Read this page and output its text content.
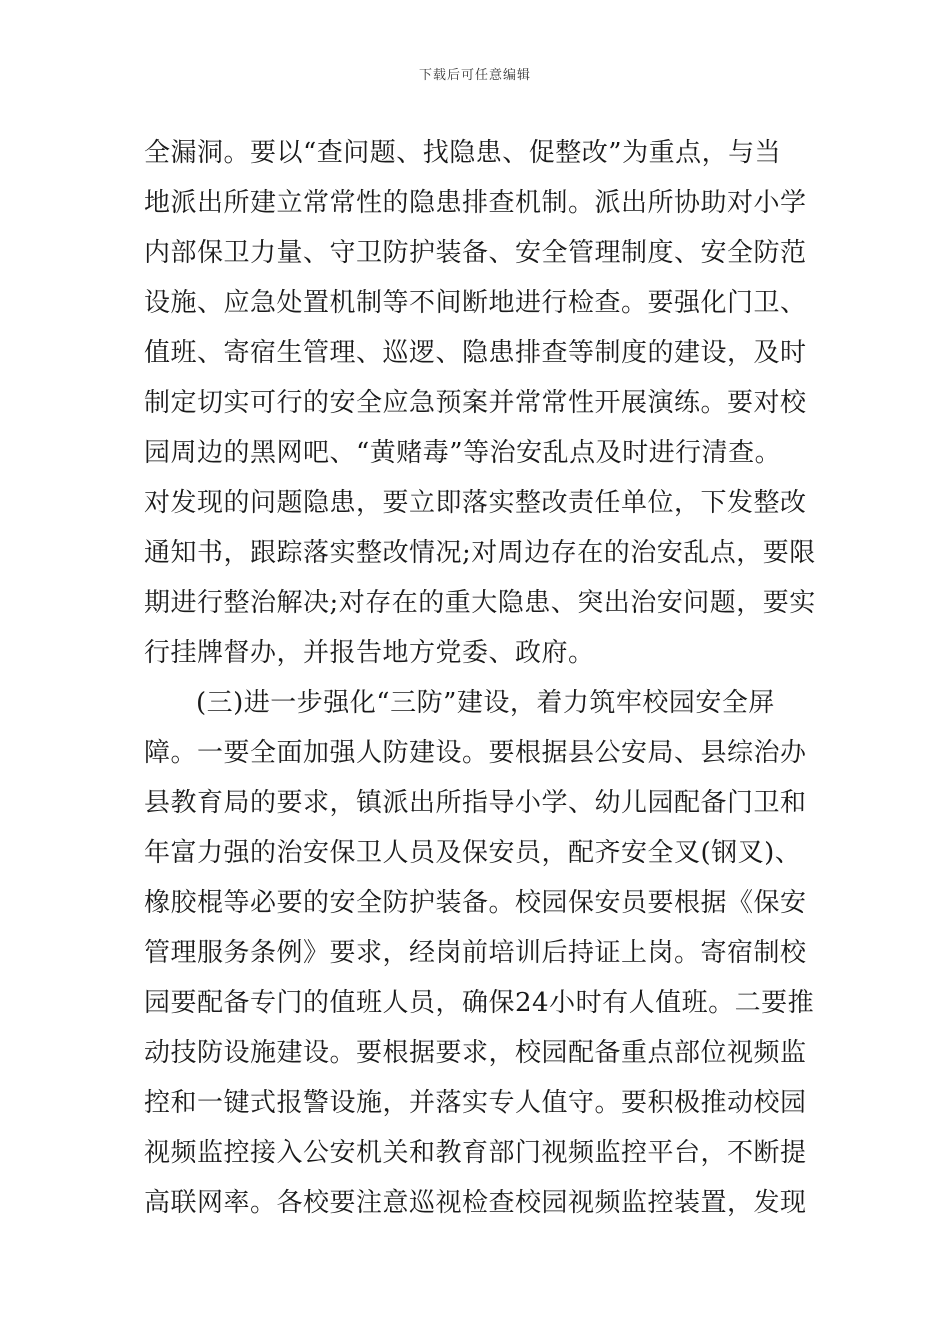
下载后可任意编辑
全漏洞。要以“查问题、找隐患、促整改”为重点，与当
地派出所建立常常性的隐患排查机制。派出所协助对小学
内部保卫力量、守卫防护装备、安全管理制度、安全防范
设施、应急处置机制等不间断地进行检查。要强化门卫、
值班、寄宿生管理、巡逻、隐患排查等制度的建设，及时
制定切实可行的安全应急预案并常常性开展演练。要对校
园周边的黑网吧、“黄赌毒”等治安乱点及时进行清查。
对发现的问题隐患，要立即落实整改责任单位，下发整改
通知书，跟踪落实整改情况;对周边存在的治安乱点，要限
期进行整治解决;对存在的重大隐患、突出治安问题，要实
行挂牌督办，并报告地方党委、政府。
(三)进一步强化“三防”建设，着力筑牢校园安全屏
障。一要全面加强人防建设。要根据县公安局、县综治办
县教育局的要求，镇派出所指导小学、幼儿园配备门卫和
年富力强的治安保卫人员及保安员，配齐安全叉(钢叉)、
橡胶棍等必要的安全防护装备。校园保安员要根据《保安
管理服务条例》要求，经岗前培训后持证上岗。寄宿制校
园要配备专门的值班人员，确保24小时有人值班。二要推
动技防设施建设。要根据要求，校园配备重点部位视频监
控和一键式报警设施，并落实专人值守。要积极推动校园
视频监控接入公安机关和教育部门视频监控平台，不断提
高联网率。各校要注意巡视检查校园视频监控装置，发现
